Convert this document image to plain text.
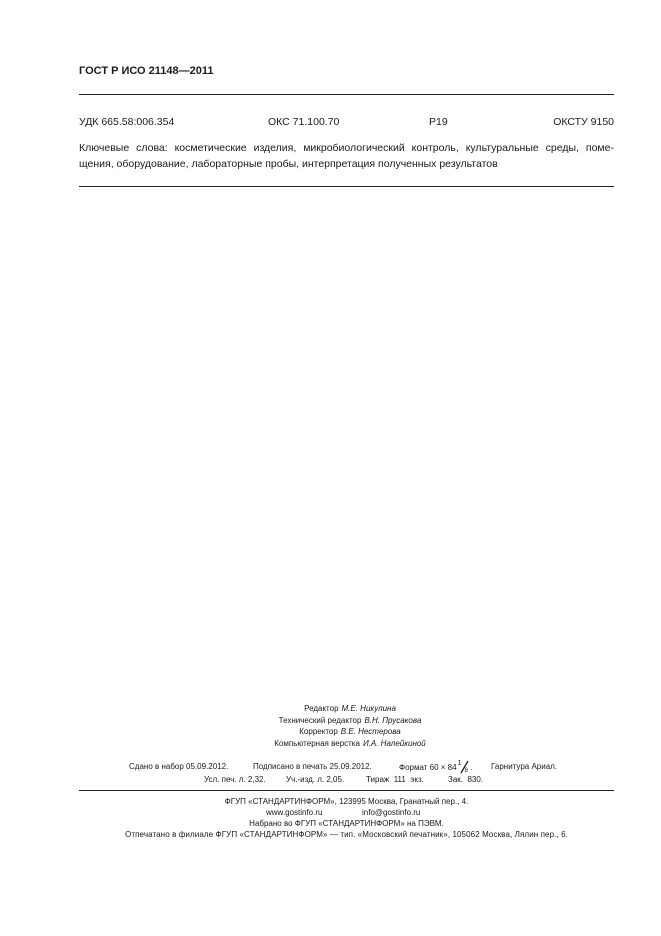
ГОСТ Р ИСО 21148—2011
УДК 665.58:006.354	ОКС 71.100.70	Р19	ОКСТУ 9150
Ключевые слова: косметические изделия, микробиологический контроль, культуральные среды, поме-
щения, оборудование, лабораторные пробы, интерпретация полученных результатов
Редактор М.Е. Никулина
Технический редактор В.Н. Прусакова
Корректор В.Е. Нестерова
Компьютерная верстка И.А. Налейкиной
Сдано в набор 05.09.2012.	Подписано в печать 25.09.2012.	Формат 60 × 84 1
8 . Гарнитура Ариал.
Усл. печ. л. 2,32.	Уч.-изд. л. 2,05.	Тираж  111  экз.	Зак.  830.
ФГУП «СТАНДАРТИНФОРМ», 123995 Москва, Гранатный пер., 4.
www.gostinfo.ru	info@gostinfo.ru
Набрано во ФГУП «СТАНДАРТИНФОРМ» на ПЭВМ.
Отпечатано в филиале ФГУП «СТАНДАРТИНФОРМ» — тип. «Московский печатник», 105062 Москва, Лялин пер., 6.
